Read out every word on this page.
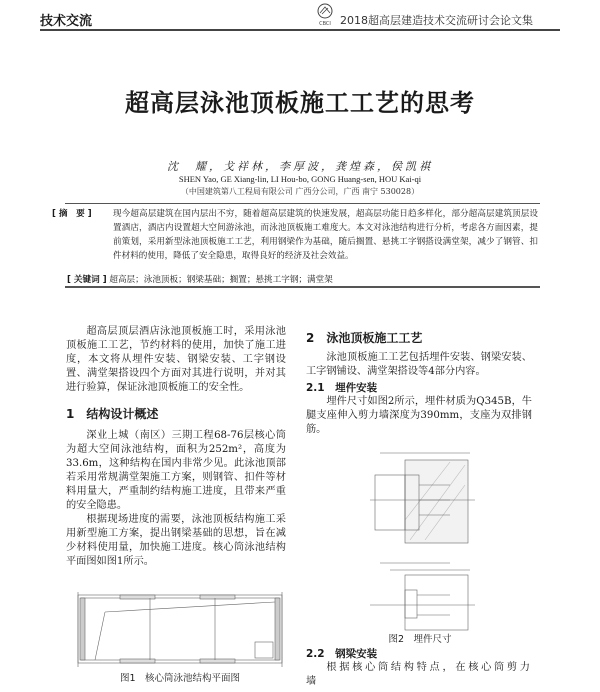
技术交流	CBCI 2018超高层建造技术交流研讨会论文集
超高层泳池顶板施工工艺的思考
沈　耀，戈祥林，李厚波，龚煌森，侯凯祺
SHEN Yao, GE Xiang-lin, LI Hou-bo, GONG Huang-sen, HOU Kai-qi
（中国建筑第八工程局有限公司 广西分公司，广西 南宁 530028）
[ 摘　要 ] 现今超高层建筑在国内层出不穷，随着超高层建筑的快速发展，超高层功能日趋多样化，部分超高层建筑顶层设置酒店，酒店内设置超大空间游泳池，而泳池顶板施工难度大。本文对泳池结构进行分析，考虑各方面因素，提前策划，采用新型泳池顶板施工工艺，利用钢梁作为基础，随后搁置、悬挑工字钢搭设满堂架，减少了钢管、扣件材料的使用，降低了安全隐患，取得良好的经济及社会效益。
[ 关键词 ] 超高层；泳池顶板；钢梁基础；搁置；悬挑工字钢；满堂架

超高层顶层酒店泳池顶板施工时，采用泳池顶板施工工艺，节约材料的使用，加快了施工进度，本文将从埋件安装、钢梁安装、工字钢设置、满堂架搭设四个方面对其进行说明，并对其进行验算，保证泳池顶板施工的安全性。

1　结构设计概述

深业上城（南区）三期工程68-76层核心筒为超大空间泳池结构，面积为252m²，高度为33.6m，这种结构在国内非常少见。此泳池顶部若采用常规满堂架施工方案，则钢管、扣件等材料用量大，严重制约结构施工进度，且带来严重的安全隐患。

根据现场进度的需要，泳池顶板结构施工采用新型施工方案，提出钢梁基础的思想，旨在减少材料使用量，加快施工进度。核心筒泳池结构平面图如图1所示。

图1　核心筒泳池结构平面图
2　泳池顶板施工工艺

泳池顶板施工工艺包括埋件安装、钢梁安装、工字钢铺设、满堂架搭设等4部分内容。

2.1　埋件安装

埋件尺寸如图2所示，埋件材质为Q345B，牛腿支座伸入剪力墙深度为390mm，支座为双排钢筋。

图2　埋件尺寸
2.2　钢梁安装

根据核心筒结构特点，在核心筒剪力墙
